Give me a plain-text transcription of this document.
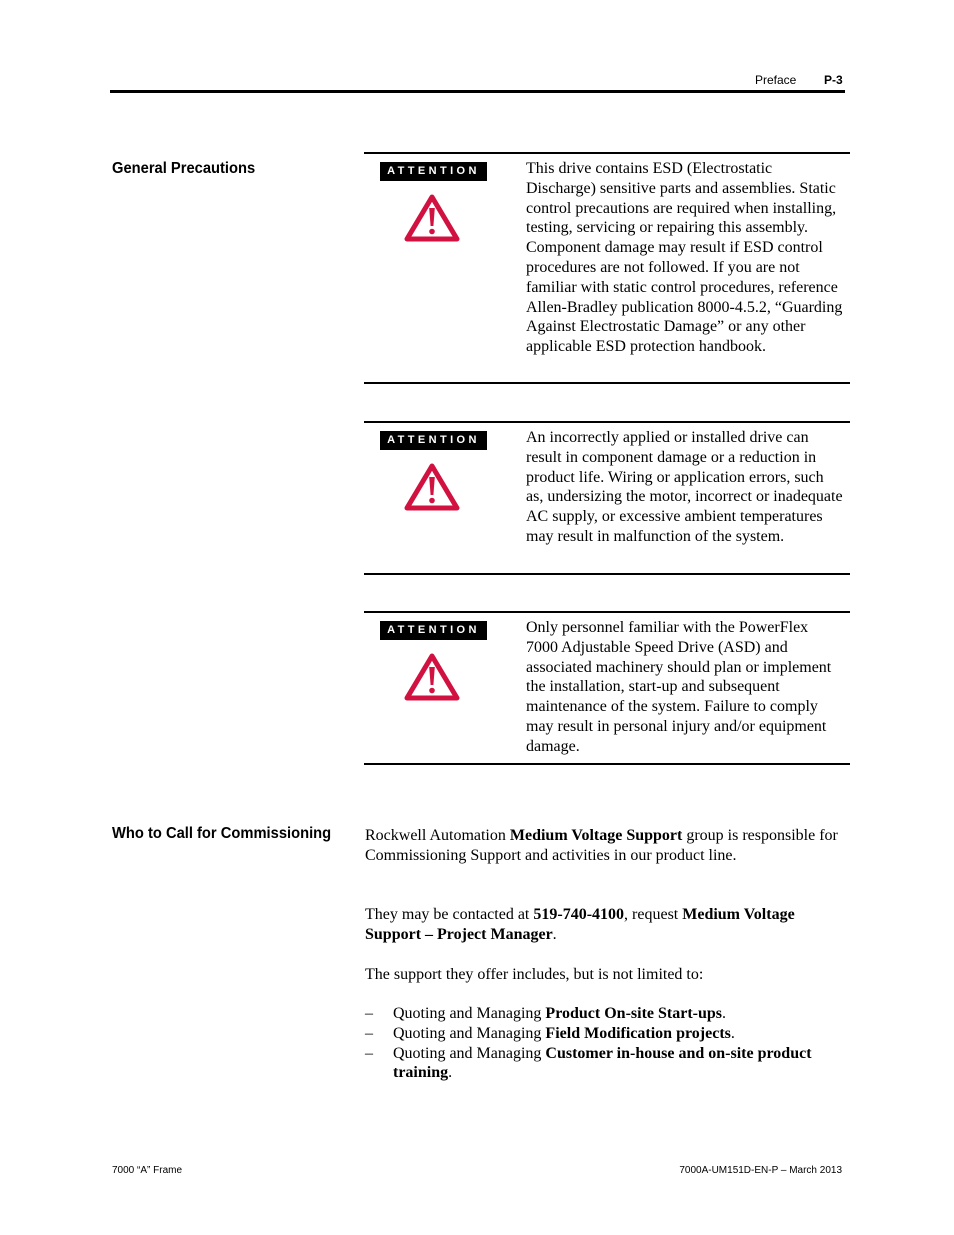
Preface P-3
General Precautions	ATTENTION	This drive contains ESD (Electrostatic Discharge) sensitive parts and assemblies. Static control precautions are required when installing, testing, servicing or repairing this assembly. Component damage may result if ESD control procedures are not followed. If you are not familiar with static control procedures, reference Allen-Bradley publication 8000-4.5.2, “Guarding Against Electrostatic Damage” or any other applicable ESD protection handbook.
ATTENTION	An incorrectly applied or installed drive can result in component damage or a reduction in product life. Wiring or application errors, such as, undersizing the motor, incorrect or inadequate AC supply, or excessive ambient temperatures may result in malfunction of the system.
ATTENTION	Only personnel familiar with the PowerFlex 7000 Adjustable Speed Drive (ASD) and associated machinery should plan or implement the installation, start-up and subsequent maintenance of the system. Failure to comply may result in personal injury and/or equipment damage.
Who to Call for Commissioning Rockwell Automation Medium Voltage Support group is responsible for Commissioning Support and activities in our product line.
They may be contacted at 519-740-4100, request Medium Voltage Support – Project Manager.
The support they offer includes, but is not limited to:
– Quoting and Managing Product On-site Start-ups.
– Quoting and Managing Field Modification projects.
– Quoting and Managing Customer in-house and on-site product training.
7000 “A” Frame	7000A-UM151D-EN-P – March 2013
